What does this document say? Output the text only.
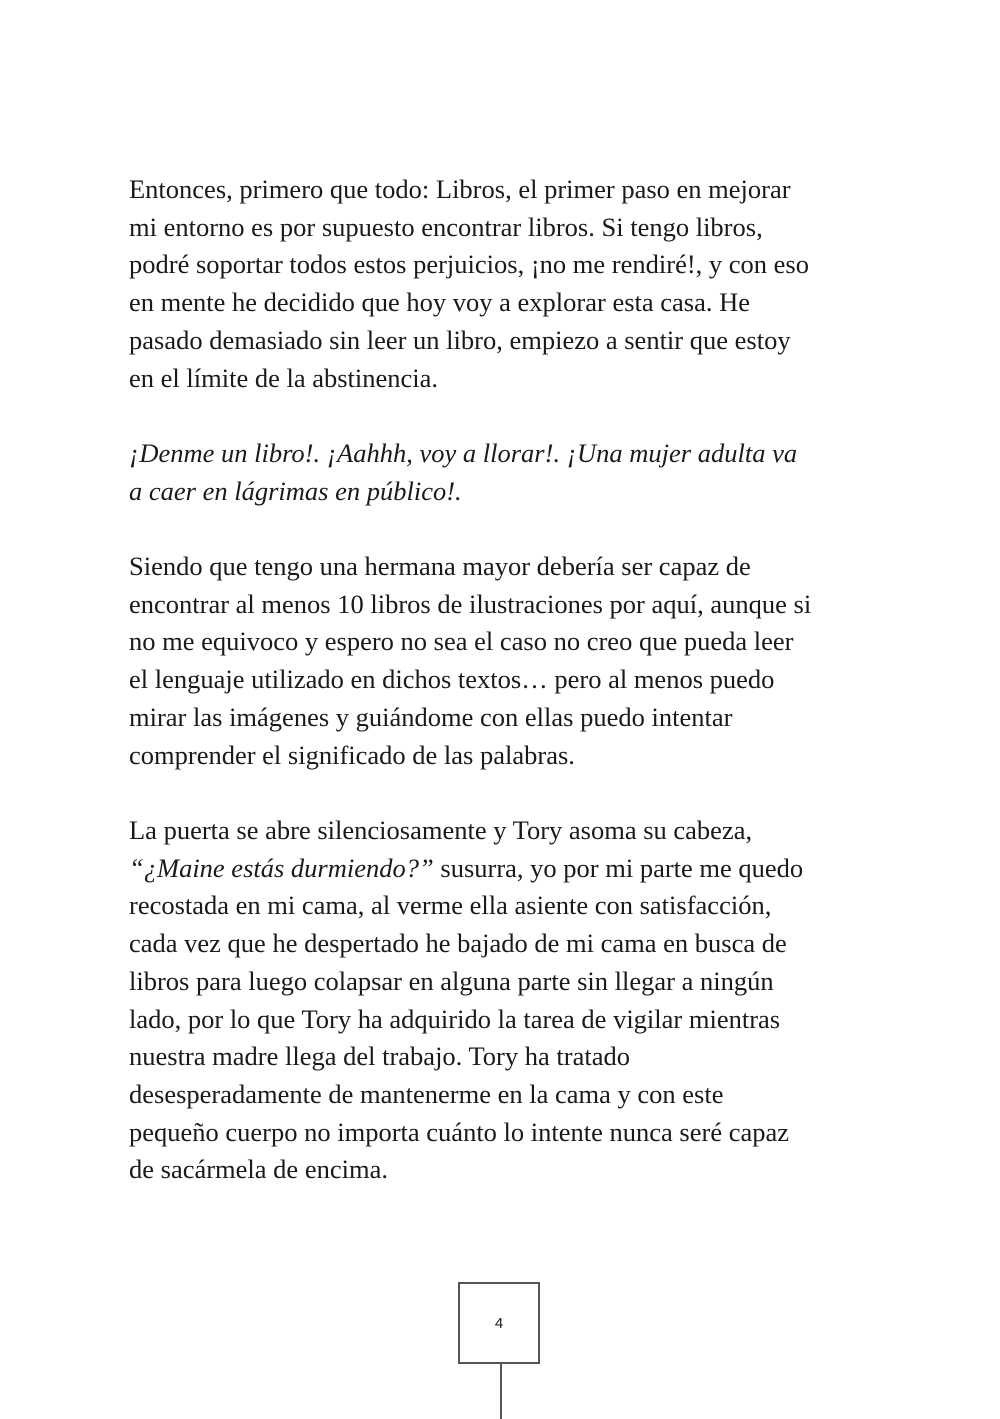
Entonces, primero que todo: Libros, el primer paso en mejorar
mi entorno es por supuesto encontrar libros. Si tengo libros,
podré soportar todos estos perjuicios, ¡no me rendiré!, y con eso
en mente he decidido que hoy voy a explorar esta casa. He
pasado demasiado sin leer un libro, empiezo a sentir que estoy
en el límite de la abstinencia.

¡Denme un libro!. ¡Aahhh, voy a llorar!. ¡Una mujer adulta va
a caer en lágrimas en público!.

Siendo que tengo una hermana mayor debería ser capaz de
encontrar al menos 10 libros de ilustraciones por aquí, aunque si
no me equivoco y espero no sea el caso no creo que pueda leer
el lenguaje utilizado en dichos textos… pero al menos puedo
mirar las imágenes y guiándome con ellas puedo intentar
comprender el significado de las palabras.

La puerta se abre silenciosamente y Tory asoma su cabeza,
“¿Maine estás durmiendo?” susurra, yo por mi parte me quedo
recostada en mi cama, al verme ella asiente con satisfacción,
cada vez que he despertado he bajado de mi cama en busca de
libros para luego colapsar en alguna parte sin llegar a ningún
lado, por lo que Tory ha adquirido la tarea de vigilar mientras
nuestra madre llega del trabajo. Tory ha tratado
desesperadamente de mantenerme en la cama y con este
pequeño cuerpo no importa cuánto lo intente nunca seré capaz
de sacármela de encima.

4
